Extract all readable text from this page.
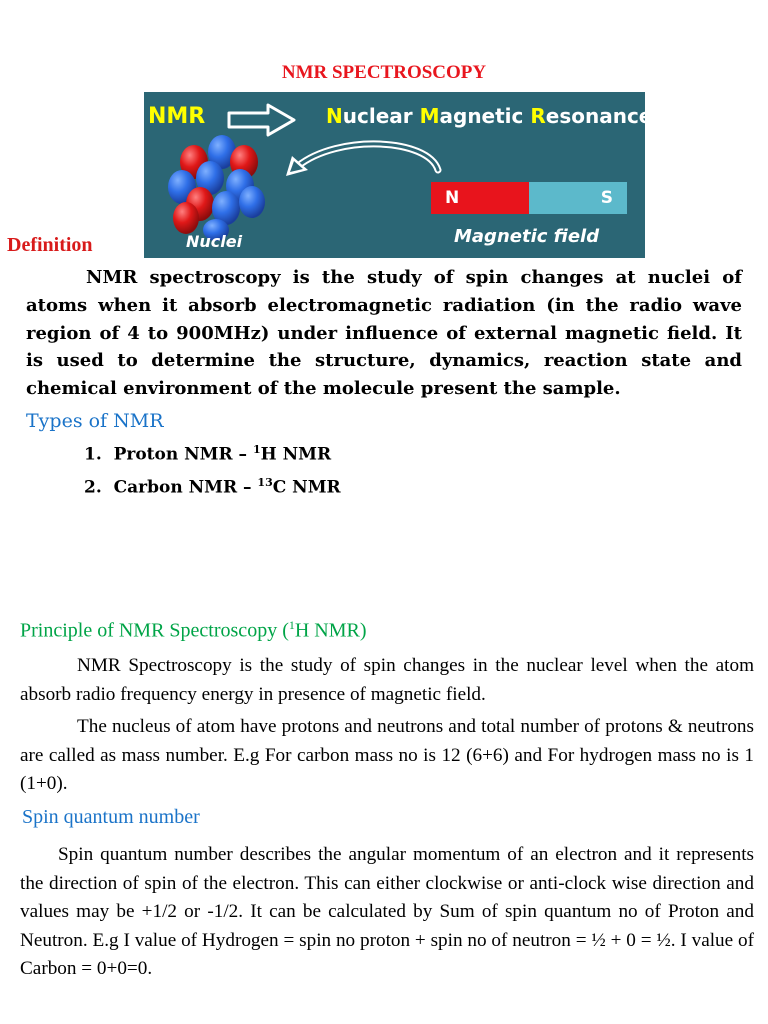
NMR SPECTROSCOPY
NMR	Nuclear Magnetic Resonance
N	S
Nuclei	Magnetic field
Definition
NMR spectroscopy is the study of spin changes at nuclei of atoms when it absorb electromagnetic radiation (in the radio wave region of 4 to 900MHz) under influence of external magnetic field. It is used to determine the structure, dynamics, reaction state and chemical environment of the molecule present the sample.
Types of NMR
1. Proton NMR – $^1$H NMR
2. Carbon NMR – $^{13}$C NMR
Principle of NMR Spectroscopy ($^1$H NMR)
NMR Spectroscopy is the study of spin changes in the nuclear level when the atom absorb radio frequency energy in presence of magnetic field.
The nucleus of atom have protons and neutrons and total number of protons & neutrons are called as mass number. E.g For carbon mass no is 12 (6+6) and For hydrogen mass no is 1 (1+0).
Spin quantum number
Spin quantum number describes the angular momentum of an electron and it represents the direction of spin of the electron. This can either clockwise or anti-clock wise direction and values may be +1/2 or -1/2. It can be calculated by Sum of spin quantum no of Proton and Neutron. E.g I value of Hydrogen = spin no proton + spin no of neutron = ½ + 0 = ½. I value of Carbon = 0+0=0.
